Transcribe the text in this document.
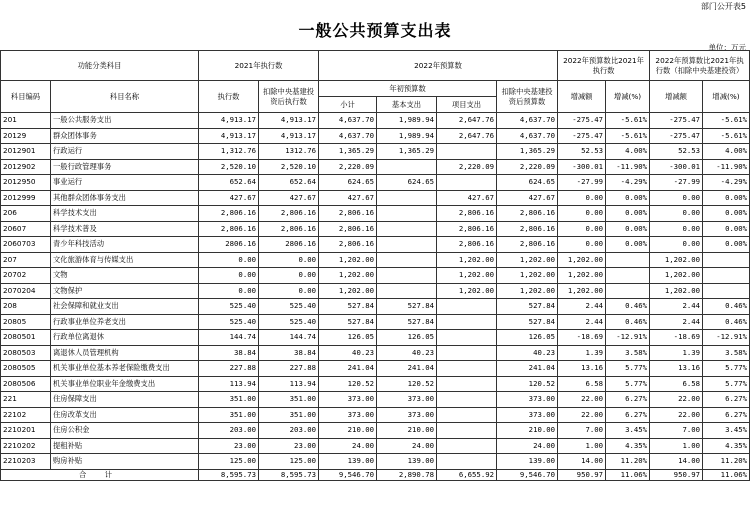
部门公开表5
一般公共预算支出表
单位：万元
功能分类科目		2021年执行数		2022年预算数				2022年预算数比2021年执行数		2022年预算数比2021年执行数（扣除中央基建投资）	
科目编码	科目名称	执行数	扣除中央基建投资后执行数	年初预算数			扣除中央基建投资后预算数	增减额	增减(%)	增减额	增减(%)
				小计	基本支出	项目支出					
201	一般公共服务支出	4,913.17	4,913.17	4,637.70	1,989.94	2,647.76	4,637.70	-275.47	-5.61%	-275.47	-5.61%
20129	群众团体事务	4,913.17	4,913.17	4,637.70	1,989.94	2,647.76	4,637.70	-275.47	-5.61%	-275.47	-5.61%
2012901	行政运行	1,312.76	1312.76	1,365.29	1,365.29		1,365.29	52.53	4.00%	52.53	4.00%
2012902	一般行政管理事务	2,520.10	2,520.10	2,220.09		2,220.09	2,220.09	-300.01	-11.90%	-300.01	-11.90%
2012950	事业运行	652.64	652.64	624.65	624.65		624.65	-27.99	-4.29%	-27.99	-4.29%
2012999	其他群众团体事务支出	427.67	427.67	427.67		427.67	427.67	0.00	0.00%	0.00	0.00%
206	科学技术支出	2,806.16	2,806.16	2,806.16		2,806.16	2,806.16	0.00	0.00%	0.00	0.00%
20607	科学技术普及	2,806.16	2,806.16	2,806.16		2,806.16	2,806.16	0.00	0.00%	0.00	0.00%
2060703	青少年科技活动	2806.16	2806.16	2,806.16		2,806.16	2,806.16	0.00	0.00%	0.00	0.00%
207	文化旅游体育与传媒支出	0.00	0.00	1,202.00		1,202.00	1,202.00	1,202.00		1,202.00	
20702	文物	0.00	0.00	1,202.00		1,202.00	1,202.00	1,202.00		1,202.00	
2070204	文物保护	0.00	0.00	1,202.00		1,202.00	1,202.00	1,202.00		1,202.00	
208	社会保障和就业支出	525.40	525.40	527.84	527.84		527.84	2.44	0.46%	2.44	0.46%
20805	行政事业单位养老支出	525.40	525.40	527.84	527.84		527.84	2.44	0.46%	2.44	0.46%
2080501	行政单位离退休	144.74	144.74	126.05	126.05		126.05	-18.69	-12.91%	-18.69	-12.91%
2080503	离退休人员管理机构	38.84	38.84	40.23	40.23		40.23	1.39	3.58%	1.39	3.58%
2080505	机关事业单位基本养老保险缴费支出	227.88	227.88	241.04	241.04		241.04	13.16	5.77%	13.16	5.77%
2080506	机关事业单位职业年金缴费支出	113.94	113.94	120.52	120.52		120.52	6.58	5.77%	6.58	5.77%
221	住房保障支出	351.00	351.00	373.00	373.00		373.00	22.00	6.27%	22.00	6.27%
22102	住房改革支出	351.00	351.00	373.00	373.00		373.00	22.00	6.27%	22.00	6.27%
2210201	住房公积金	203.00	203.00	210.00	210.00		210.00	7.00	3.45%	7.00	3.45%
2210202	提租补贴	23.00	23.00	24.00	24.00		24.00	1.00	4.35%	1.00	4.35%
2210203	购房补贴	125.00	125.00	139.00	139.00		139.00	14.00	11.20%	14.00	11.20%
合 计		8,595.73	8,595.73	9,546.70	2,890.78	6,655.92	9,546.70	950.97	11.06%	950.97	11.06%
